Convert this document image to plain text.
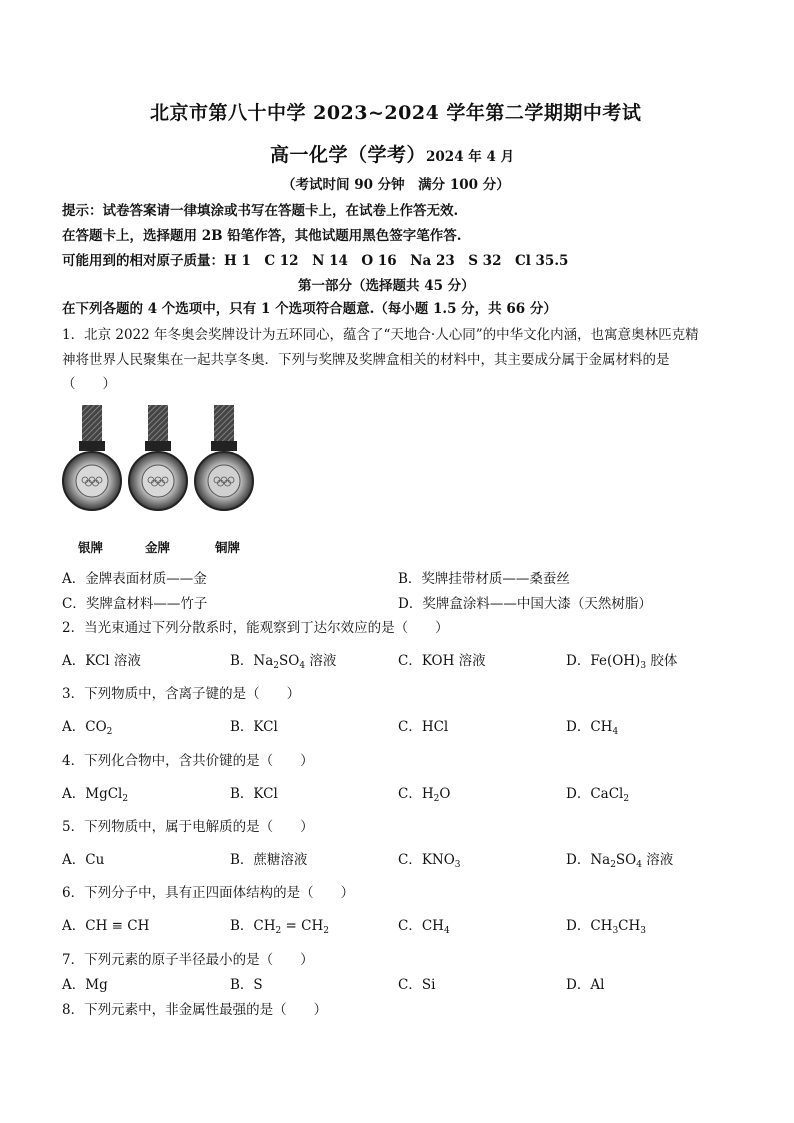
北京市第八十中学 2023~2024 学年第二学期期中考试
高一化学（学考）2024 年 4 月
（考试时间 90 分钟　满分 100 分）
提示：试卷答案请一律填涂或书写在答题卡上，在试卷上作答无效.
在答题卡上，选择题用 2B 铅笔作答，其他试题用黑色签字笔作答.
可能用到的相对原子质量：H 1　C 12　N 14　O 16　Na 23　S 32　Cl 35.5
第一部分（选择题共 45 分）
在下列各题的 4 个选项中，只有 1 个选项符合题意.（每小题 1.5 分，共 66 分）
1．北京 2022 年冬奥会奖牌设计为五环同心，蕴含了“天地合·人心同”的中华文化内涵，也寓意奥林匹克精
神将世界人民聚集在一起共享冬奥．下列与奖牌及奖牌盒相关的材料中，其主要成分属于金属材料的是
（　　）
银牌	金牌	铜牌
A．金牌表面材质——金	B．奖牌挂带材质——桑蚕丝
C．奖牌盒材料——竹子	D．奖牌盒涂料——中国大漆（天然树脂）
2．当光束通过下列分散系时，能观察到丁达尔效应的是（　　）
A．KCl 溶液	B．$Na_2SO_4$ 溶液	C．KOH 溶液	D．$Fe(OH)_3$ 胶体
3．下列物质中，含离子键的是（　　）
A．$CO_2$	B．KCl	C．HCl	D．$CH_4$
4．下列化合物中，含共价键的是（　　）
A．MgCl$_2$	B．KCl	C．$H_2O$	D．CaCl$_2$
5．下列物质中，属于电解质的是（　　）
A．Cu	B．蔗糖溶液	C．$KNO_3$	D．$Na_2SO_4$ 溶液
6．下列分子中，具有正四面体结构的是（　　）
A．CH ≡ CH	B．$CH_2 = CH_2$	C．$CH_4$	D．$CH_3CH_3$
7．下列元素的原子半径最小的是（　　）
A．Mg	B．S	C．Si	D．Al
8．下列元素中，非金属性最强的是（　　）
